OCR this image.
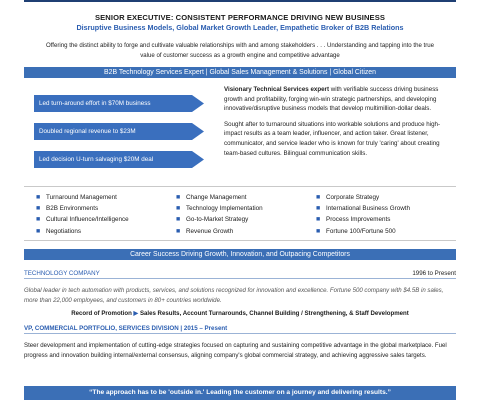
SENIOR EXECUTIVE: CONSISTENT PERFORMANCE DRIVING NEW BUSINESS
Disruptive Business Models, Global Market Growth Leader, Empathetic Broker of B2B Relations
Offering the distinct ability to forge and cultivate valuable relationships with and among stakeholders . . . Understanding and tapping into the true value of customer success as a growth engine and competitive advantage
B2B Technology Services Expert | Global Sales Management & Solutions | Global Citizen
Led turn-around effort in $70M business
Doubled regional revenue to $23M
Led decision U-turn salvaging $20M deal

Visionary Technical Services expert with verifiable success driving business growth and profitability, forging win-win strategic partnerships, and developing innovative/disruptive business models that develop multimillion-dollar deals.

Sought after to turnaround situations into workable solutions and produce high-impact results as a team leader, influencer, and action taker. Great listener, communicator, and service leader who is known for truly 'caring' about creating team-based cultures. Bilingual communication skills.

■ Turnaround Management
■ B2B Environments
■ Cultural Influence/Intelligence
■ Negotiations
■ Change Management
■ Technology Implementation
■ Go-to-Market Strategy
■ Revenue Growth
■ Corporate Strategy
■ International Business Growth
■ Process Improvements
■ Fortune 100/Fortune 500
Career Success Driving Growth, Innovation, and Outpacing Competitors
TECHNOLOGY COMPANY	1996 to Present
Global leader in tech automation with products, services, and solutions recognized for innovation and excellence. Fortune 500 company with $4.5B in sales, more than 22,000 employees, and customers in 80+ countries worldwide.
Record of Promotion ▶ Sales Results, Account Turnarounds, Channel Building / Strengthening, & Staff Development
VP, COMMERCIAL PORTFOLIO, SERVICES DIVISION | 2015 – Present
Steer development and implementation of cutting-edge strategies focused on capturing and sustaining competitive advantage in the global marketplace. Fuel progress and innovation building internal/external consensus, aligning company's global commercial strategy, and achieving aggressive sales targets.
“The approach has to be 'outside in.' Leading the customer on a journey and delivering results.”
